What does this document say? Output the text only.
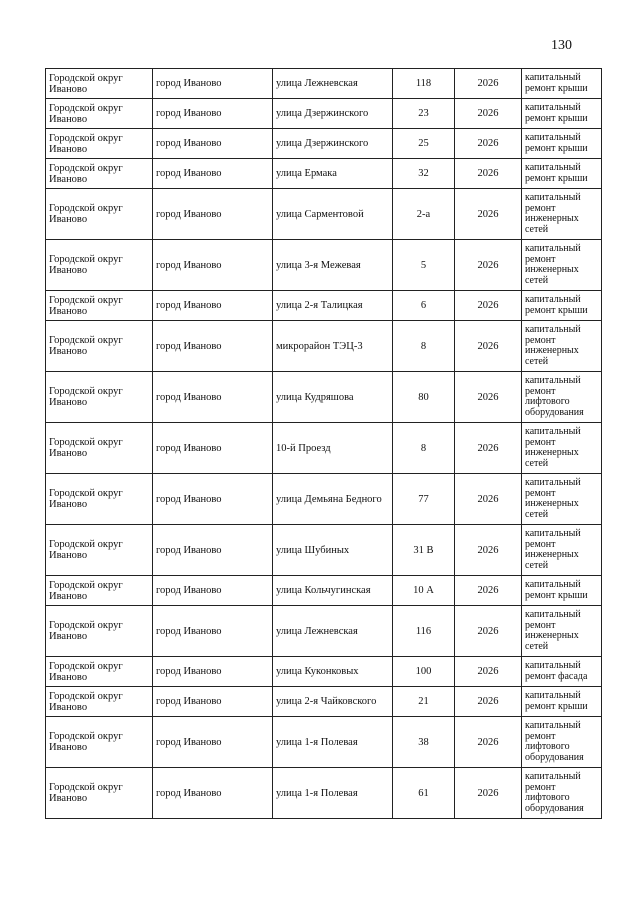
130
Городской округ Иваново	город Иваново	улица Лежневская	118	2026	капитальный ремонт крыши
Городской округ Иваново	город Иваново	улица Дзержинского	23	2026	капитальный ремонт крыши
Городской округ Иваново	город Иваново	улица Дзержинского	25	2026	капитальный ремонт крыши
Городской округ Иваново	город Иваново	улица Ермака	32	2026	капитальный ремонт крыши
Городской округ Иваново	город Иваново	улица Сарментовой	2-а	2026	капитальный ремонт инженерных сетей
Городской округ Иваново	город Иваново	улица 3-я Межевая	5	2026	капитальный ремонт инженерных сетей
Городской округ Иваново	город Иваново	улица 2-я Талицкая	6	2026	капитальный ремонт крыши
Городской округ Иваново	город Иваново	микрорайон ТЭЦ-3	8	2026	капитальный ремонт инженерных сетей
Городской округ Иваново	город Иваново	улица Кудряшова	80	2026	капитальный ремонт лифтового оборудования
Городской округ Иваново	город Иваново	10-й Проезд	8	2026	капитальный ремонт инженерных сетей
Городской округ Иваново	город Иваново	улица Демьяна Бедного	77	2026	капитальный ремонт инженерных сетей
Городской округ Иваново	город Иваново	улица Шубиных	31 В	2026	капитальный ремонт инженерных сетей
Городской округ Иваново	город Иваново	улица Кольчугинская	10 А	2026	капитальный ремонт крыши
Городской округ Иваново	город Иваново	улица Лежневская	116	2026	капитальный ремонт инженерных сетей
Городской округ Иваново	город Иваново	улица Куконковых	100	2026	капитальный ремонт фасада
Городской округ Иваново	город Иваново	улица 2-я Чайковского	21	2026	капитальный ремонт крыши
Городской округ Иваново	город Иваново	улица 1-я Полевая	38	2026	капитальный ремонт лифтового оборудования
Городской округ Иваново	город Иваново	улица 1-я Полевая	61	2026	капитальный ремонт лифтового оборудования
